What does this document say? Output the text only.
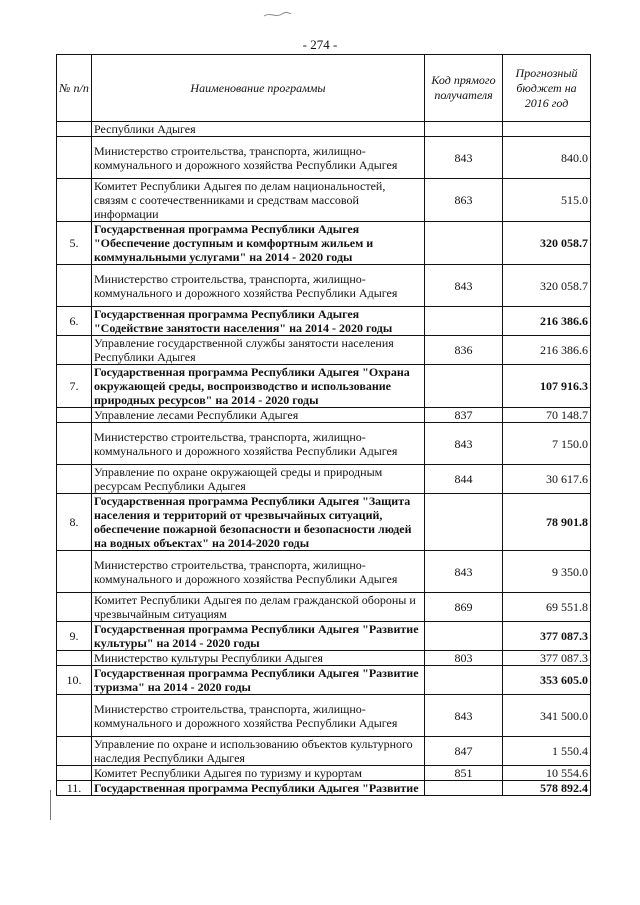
- 274 -
№ п/п	Наименование программы	Код прямого получателя	Прогнозный бюджет на 2016 год
	Республики Адыгея		
	Министерство строительства, транспорта, жилищно-коммунального и дорожного хозяйства Республики Адыгея	843	840.0
	Комитет Республики Адыгея по делам национальностей, связям с соотечественниками и средствам массовой информации	863	515.0
5.	Государственная программа Республики Адыгея "Обеспечение доступным и комфортным жильем и коммунальными услугами" на 2014 - 2020 годы		320 058.7
	Министерство строительства, транспорта, жилищно-коммунального и дорожного хозяйства Республики Адыгея	843	320 058.7
6.	Государственная программа Республики Адыгея "Содействие занятости населения" на 2014 - 2020 годы		216 386.6
	Управление государственной службы занятости населения Республики Адыгея	836	216 386.6
7.	Государственная программа Республики Адыгея "Охрана окружающей среды, воспроизводство и использование природных ресурсов" на 2014 - 2020 годы		107 916.3
	Управление лесами Республики Адыгея	837	70 148.7
	Министерство строительства, транспорта, жилищно-коммунального и дорожного хозяйства Республики Адыгея	843	7 150.0
	Управление по охране окружающей среды и природным ресурсам Республики Адыгея	844	30 617.6
8.	Государственная программа Республики Адыгея "Защита населения и территорий от чрезвычайных ситуаций, обеспечение пожарной безопасности и безопасности людей на водных объектах" на 2014-2020 годы		78 901.8
	Министерство строительства, транспорта, жилищно-коммунального и дорожного хозяйства Республики Адыгея	843	9 350.0
	Комитет Республики Адыгея по делам гражданской обороны и чрезвычайным ситуациям	869	69 551.8
9.	Государственная программа Республики Адыгея "Развитие культуры" на 2014 - 2020 годы		377 087.3
	Министерство культуры Республики Адыгея	803	377 087.3
10.	Государственная программа Республики Адыгея "Развитие туризма" на 2014 - 2020 годы		353 605.0
	Министерство строительства, транспорта, жилищно-коммунального и дорожного хозяйства Республики Адыгея	843	341 500.0
	Управление по охране и использованию объектов культурного наследия Республики Адыгея	847	1 550.4
	Комитет Республики Адыгея по туризму и курортам	851	10 554.6
11.	Государственная программа Республики Адыгея "Развитие		578 892.4
